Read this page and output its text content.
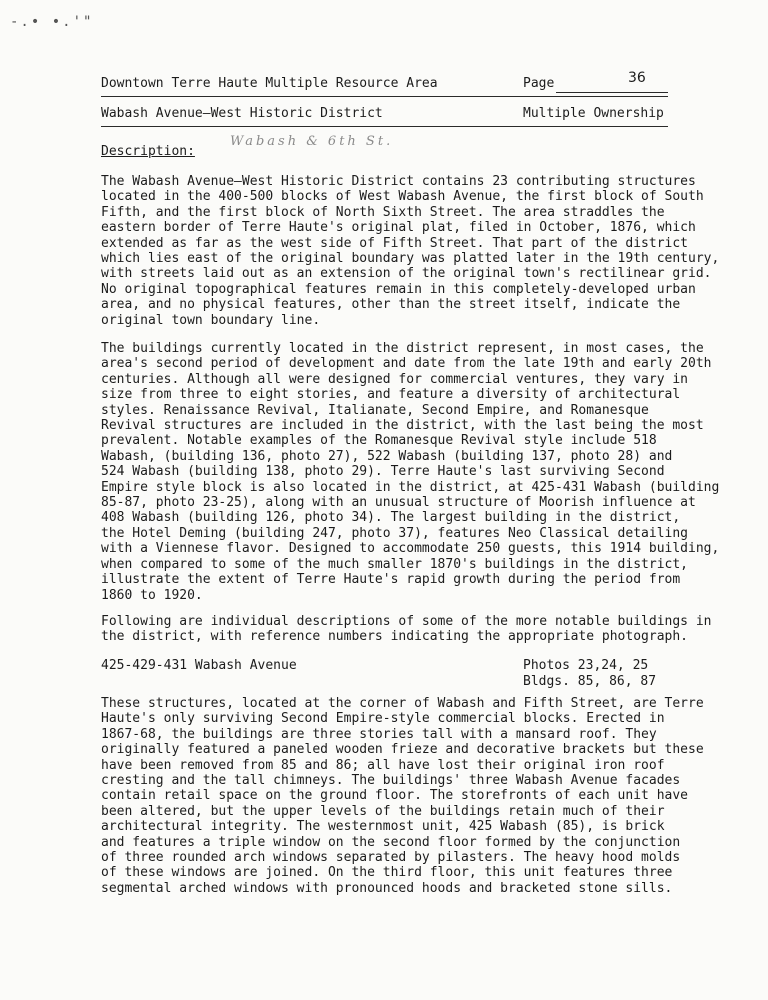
-.• •.'"
Downtown Terre Haute Multiple Resource Area	Page	36
Wabash Avenue—West Historic District	Multiple Ownership
Description:
Wabash & 6th St.

The Wabash Avenue—West Historic District contains 23 contributing structures
located in the 400-500 blocks of West Wabash Avenue, the first block of South
Fifth, and the first block of North Sixth Street. The area straddles the
eastern border of Terre Haute's original plat, filed in October, 1876, which
extended as far as the west side of Fifth Street. That part of the district
which lies east of the original boundary was platted later in the 19th century,
with streets laid out as an extension of the original town's rectilinear grid.
No original topographical features remain in this completely-developed urban
area, and no physical features, other than the street itself, indicate the
original town boundary line.

The buildings currently located in the district represent, in most cases, the
area's second period of development and date from the late 19th and early 20th
centuries. Although all were designed for commercial ventures, they vary in
size from three to eight stories, and feature a diversity of architectural
styles. Renaissance Revival, Italianate, Second Empire, and Romanesque
Revival structures are included in the district, with the last being the most
prevalent. Notable examples of the Romanesque Revival style include 518
Wabash, (building 136, photo 27), 522 Wabash (building 137, photo 28) and
524 Wabash (building 138, photo 29). Terre Haute's last surviving Second
Empire style block is also located in the district, at 425-431 Wabash (building
85-87, photo 23-25), along with an unusual structure of Moorish influence at
408 Wabash (building 126, photo 34). The largest building in the district,
the Hotel Deming (building 247, photo 37), features Neo Classical detailing
with a Viennese flavor. Designed to accommodate 250 guests, this 1914 building,
when compared to some of the much smaller 1870's buildings in the district,
illustrate the extent of Terre Haute's rapid growth during the period from
1860 to 1920.

Following are individual descriptions of some of the more notable buildings in
the district, with reference numbers indicating the appropriate photograph.

425-429-431 Wabash Avenue	Photos 23,24, 25
Bldgs. 85, 86, 87

These structures, located at the corner of Wabash and Fifth Street, are Terre
Haute's only surviving Second Empire-style commercial blocks. Erected in
1867-68, the buildings are three stories tall with a mansard roof. They
originally featured a paneled wooden frieze and decorative brackets but these
have been removed from 85 and 86; all have lost their original iron roof
cresting and the tall chimneys. The buildings' three Wabash Avenue facades
contain retail space on the ground floor. The storefronts of each unit have
been altered, but the upper levels of the buildings retain much of their
architectural integrity. The westernmost unit, 425 Wabash (85), is brick
and features a triple window on the second floor formed by the conjunction
of three rounded arch windows separated by pilasters. The heavy hood molds
of these windows are joined. On the third floor, this unit features three
segmental arched windows with pronounced hoods and bracketed stone sills.
